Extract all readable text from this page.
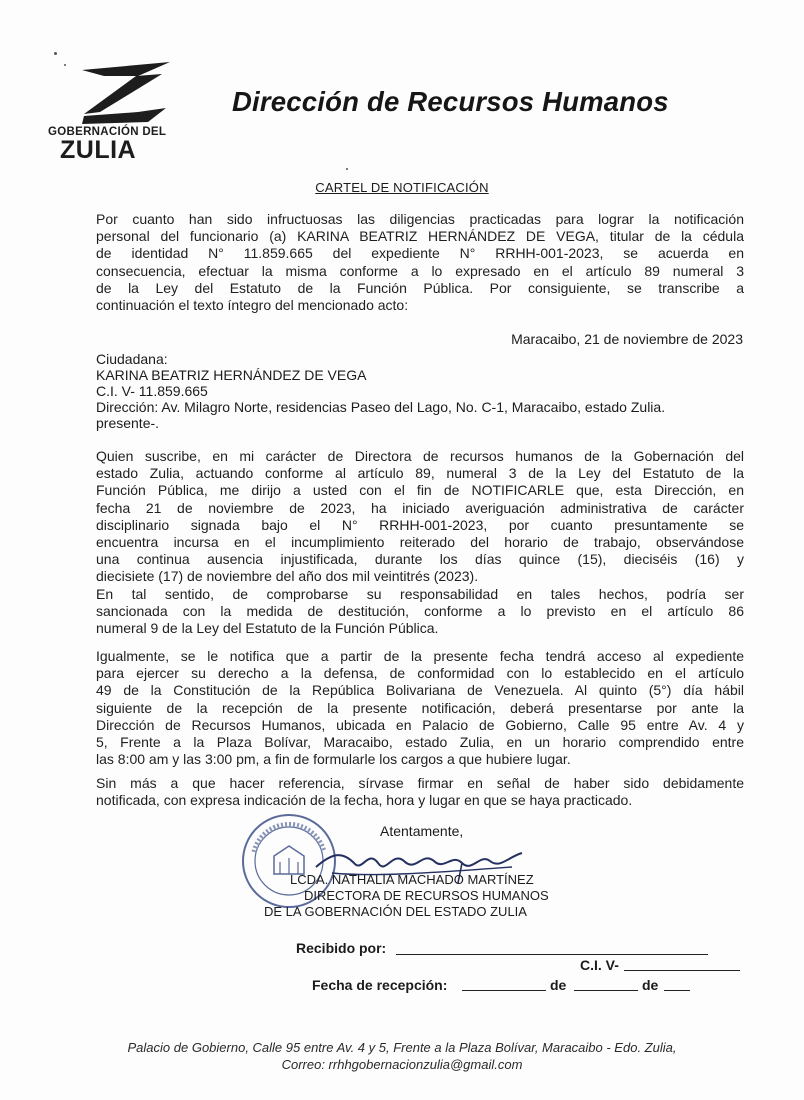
GOBERNACIÓN DEL
ZULIA
Dirección de Recursos Humanos
CARTEL DE NOTIFICACIÓN
Por cuanto han sido infructuosas las diligencias practicadas para lograr la notificación
personal del funcionario (a) KARINA BEATRIZ HERNÁNDEZ DE VEGA, titular de la cédula
de identidad N° 11.859.665 del expediente N° RRHH-001-2023, se acuerda en
consecuencia, efectuar la misma conforme a lo expresado en el artículo 89 numeral 3
de la Ley del Estatuto de la Función Pública. Por consiguiente, se transcribe a
continuación el texto íntegro del mencionado acto:
Maracaibo, 21 de noviembre de 2023
Ciudadana:
KARINA BEATRIZ HERNÁNDEZ DE VEGA
C.I. V- 11.859.665
Dirección: Av. Milagro Norte, residencias Paseo del Lago, No. C-1, Maracaibo, estado Zulia.
presente-.
Quien suscribe, en mi carácter de Directora de recursos humanos de la Gobernación del
estado Zulia, actuando conforme al artículo 89, numeral 3 de la Ley del Estatuto de la
Función Pública, me dirijo a usted con el fin de NOTIFICARLE que, esta Dirección, en
fecha 21 de noviembre de 2023, ha iniciado averiguación administrativa de carácter
disciplinario signada bajo el N° RRHH-001-2023, por cuanto presuntamente se
encuentra incursa en el incumplimiento reiterado del horario de trabajo, observándose
una continua ausencia injustificada, durante los días quince (15), dieciséis (16) y
diecisiete (17) de noviembre del año dos mil veintitrés (2023).
En tal sentido, de comprobarse su responsabilidad en tales hechos, podría ser
sancionada con la medida de destitución, conforme a lo previsto en el artículo 86
numeral 9 de la Ley del Estatuto de la Función Pública.
Igualmente, se le notifica que a partir de la presente fecha tendrá acceso al expediente
para ejercer su derecho a la defensa, de conformidad con lo establecido en el artículo
49 de la Constitución de la República Bolivariana de Venezuela. Al quinto (5°) día hábil
siguiente de la recepción de la presente notificación, deberá presentarse por ante la
Dirección de Recursos Humanos, ubicada en Palacio de Gobierno, Calle 95 entre Av. 4 y
5, Frente a la Plaza Bolívar, Maracaibo, estado Zulia, en un horario comprendido entre
las 8:00 am y las 3:00 pm, a fin de formularle los cargos a que hubiere lugar.
Sin más a que hacer referencia, sírvase firmar en señal de haber sido debidamente
notificada, con expresa indicación de la fecha, hora y lugar en que se haya practicado.
Atentamente,
LCDA. NATHALIA MACHADO MARTÍNEZ
DIRECTORA DE RECURSOS HUMANOS
DE LA GOBERNACIÓN DEL ESTADO ZULIA
Recibido por:
C.I. V-
Fecha de recepción:	de	de
Palacio de Gobierno, Calle 95 entre Av. 4 y 5, Frente a la Plaza Bolívar, Maracaibo - Edo. Zulia,
Correo: rrhhgobernacionzulia@gmail.com
